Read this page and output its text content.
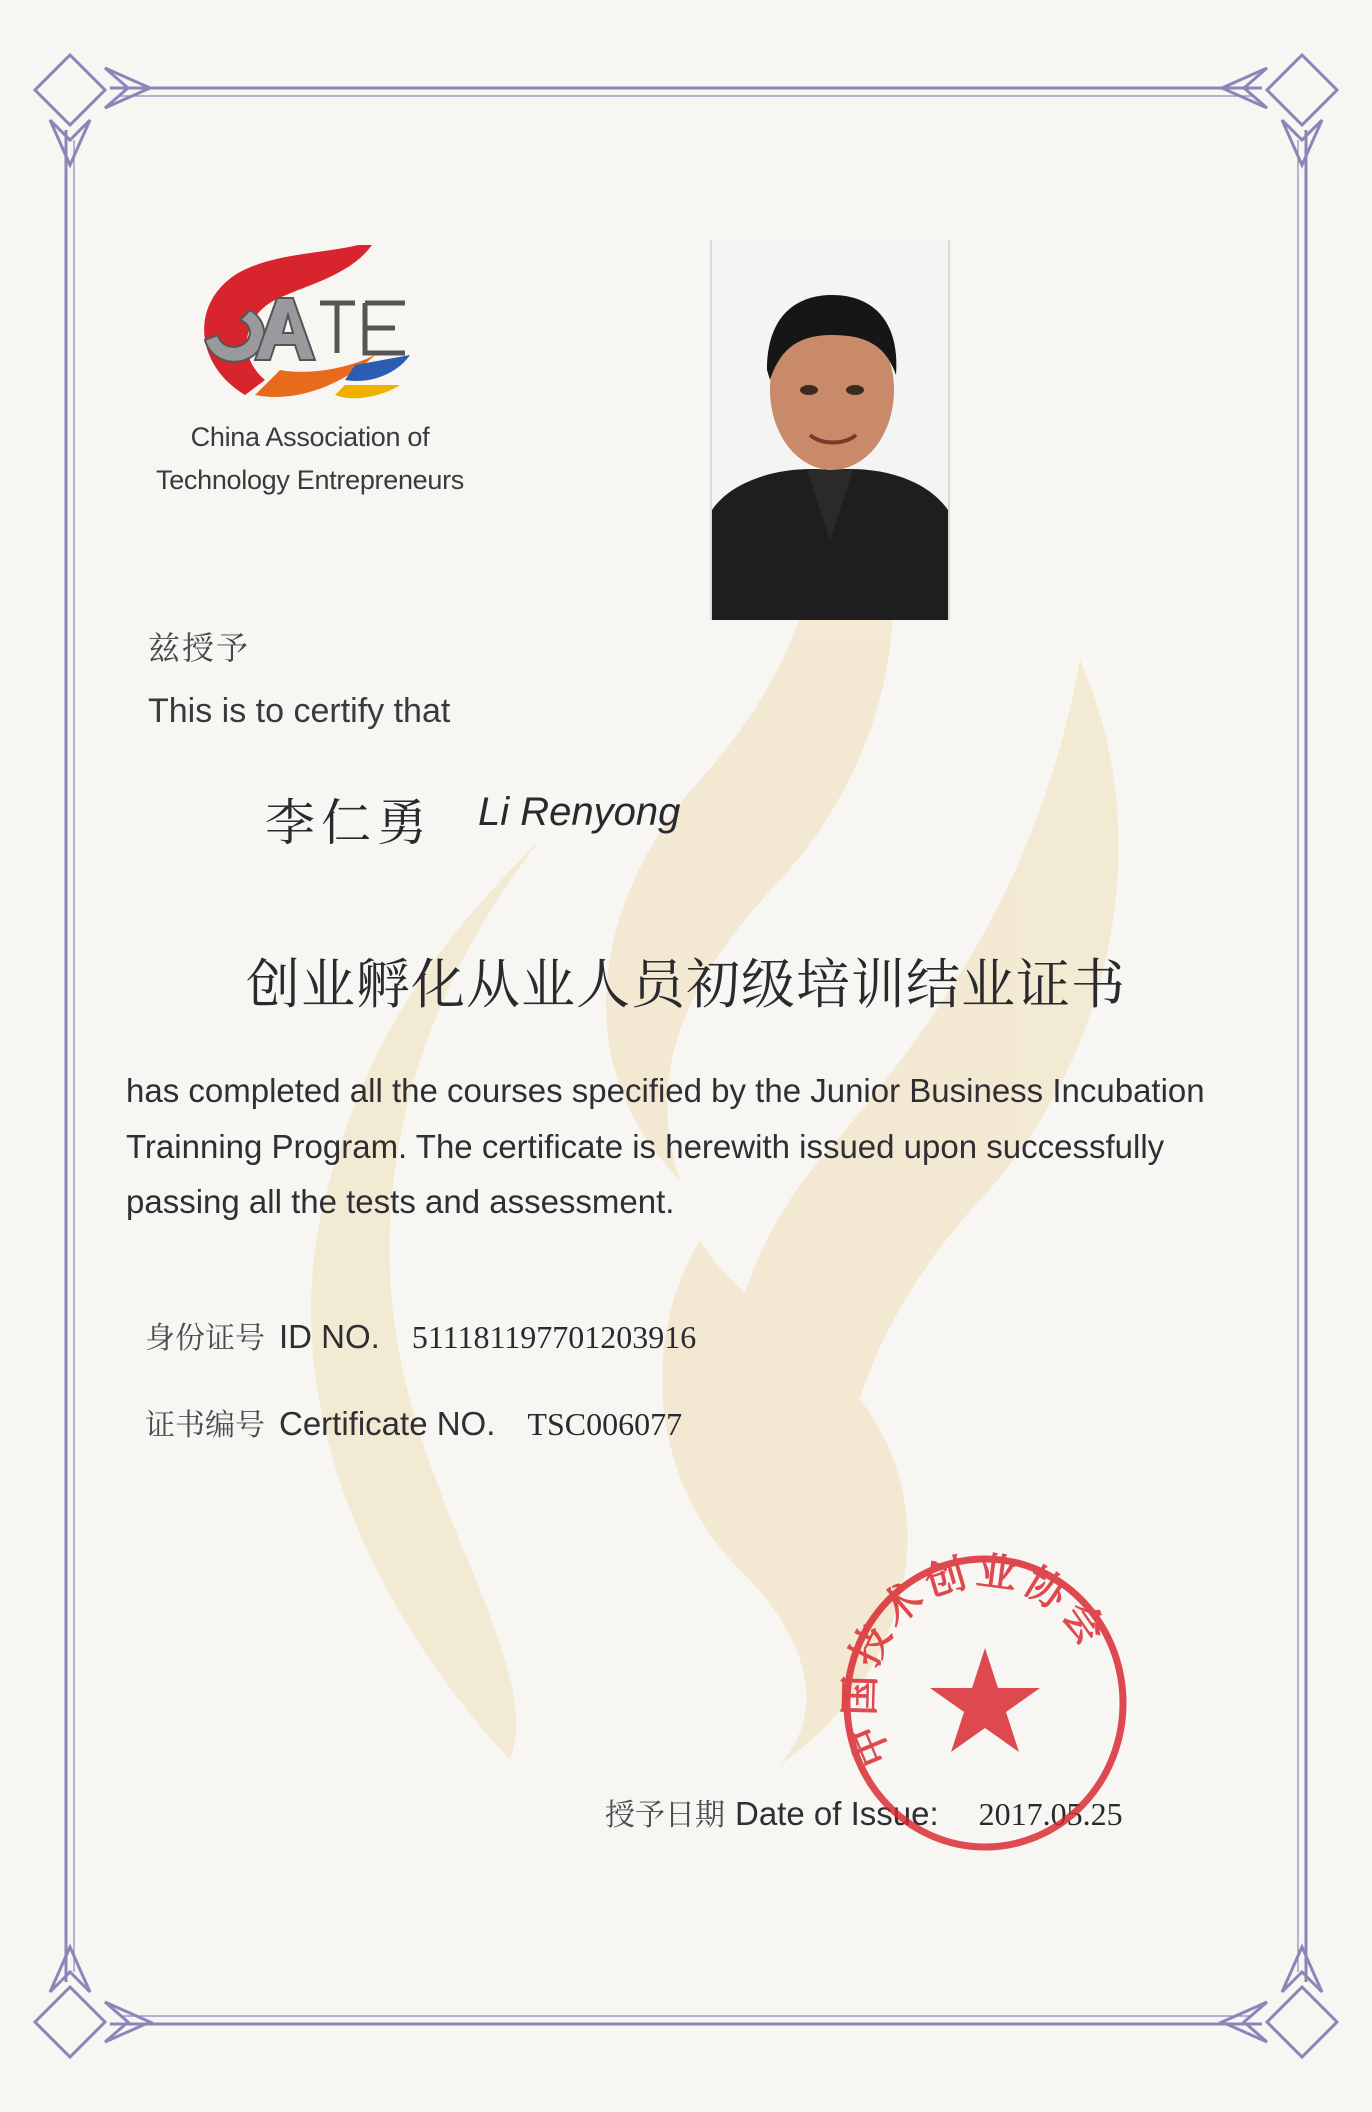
China Association of
Technology Entrepreneurs
兹授予
This is to certify that
李仁勇 Li Renyong
创业孵化从业人员初级培训结业证书
has completed all the courses specified by the Junior Business Incubation
Trainning Program. The certificate is herewith issued upon successfully
passing all the tests and assessment.
身份证号 ID NO. 511181197701203916
证书编号 Certificate NO. TSC006077
授予日期 Date of Issue: 2017.05.25
中国技术创业协会
